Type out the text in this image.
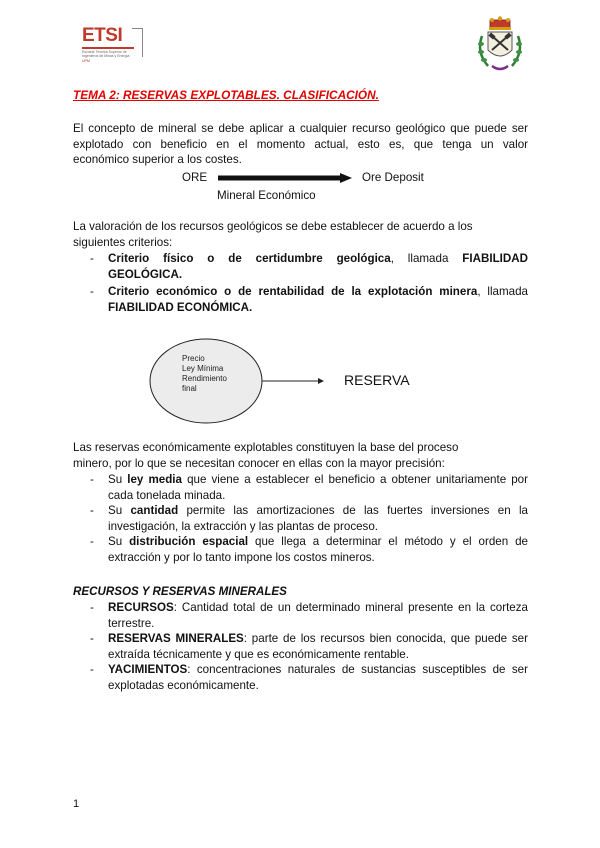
ETSI
Escuela Técnica Superior de Ingenieros de Minas y Energía
UPM
TEMA 2: RESERVAS EXPLOTABLES. CLASIFICACIÓN.
El concepto de mineral se debe aplicar a cualquier recurso geológico que puede ser
explotado con beneficio en el momento actual, esto es, que tenga un valor
económico superior a los costes.
ORE	Ore Deposit
Mineral Económico
La valoración de los recursos geológicos se debe establecer de acuerdo a los
siguientes criterios:
- Criterio físico o de certidumbre geológica, llamada FIABILIDAD GEOLÓGICA.
- Criterio económico o de rentabilidad de la explotación minera, llamada FIABILIDAD ECONÓMICA.
Precio
Ley Mínima
Rendimiento
final
RESERVA
Las reservas económicamente explotables constituyen la base del proceso
minero, por lo que se necesitan conocer en ellas con la mayor precisión:
- Su ley media que viene a establecer el beneficio a obtener unitariamente por cada tonelada minada.
- Su cantidad permite las amortizaciones de las fuertes inversiones en la investigación, la extracción y las plantas de proceso.
- Su distribución espacial que llega a determinar el método y el orden de extracción y por lo tanto impone los costos mineros.
RECURSOS Y RESERVAS MINERALES
- RECURSOS: Cantidad total de un determinado mineral presente en la corteza terrestre.
- RESERVAS MINERALES: parte de los recursos bien conocida, que puede ser extraída técnicamente y que es económicamente rentable.
- YACIMIENTOS: concentraciones naturales de sustancias susceptibles de ser explotadas económicamente.
1
